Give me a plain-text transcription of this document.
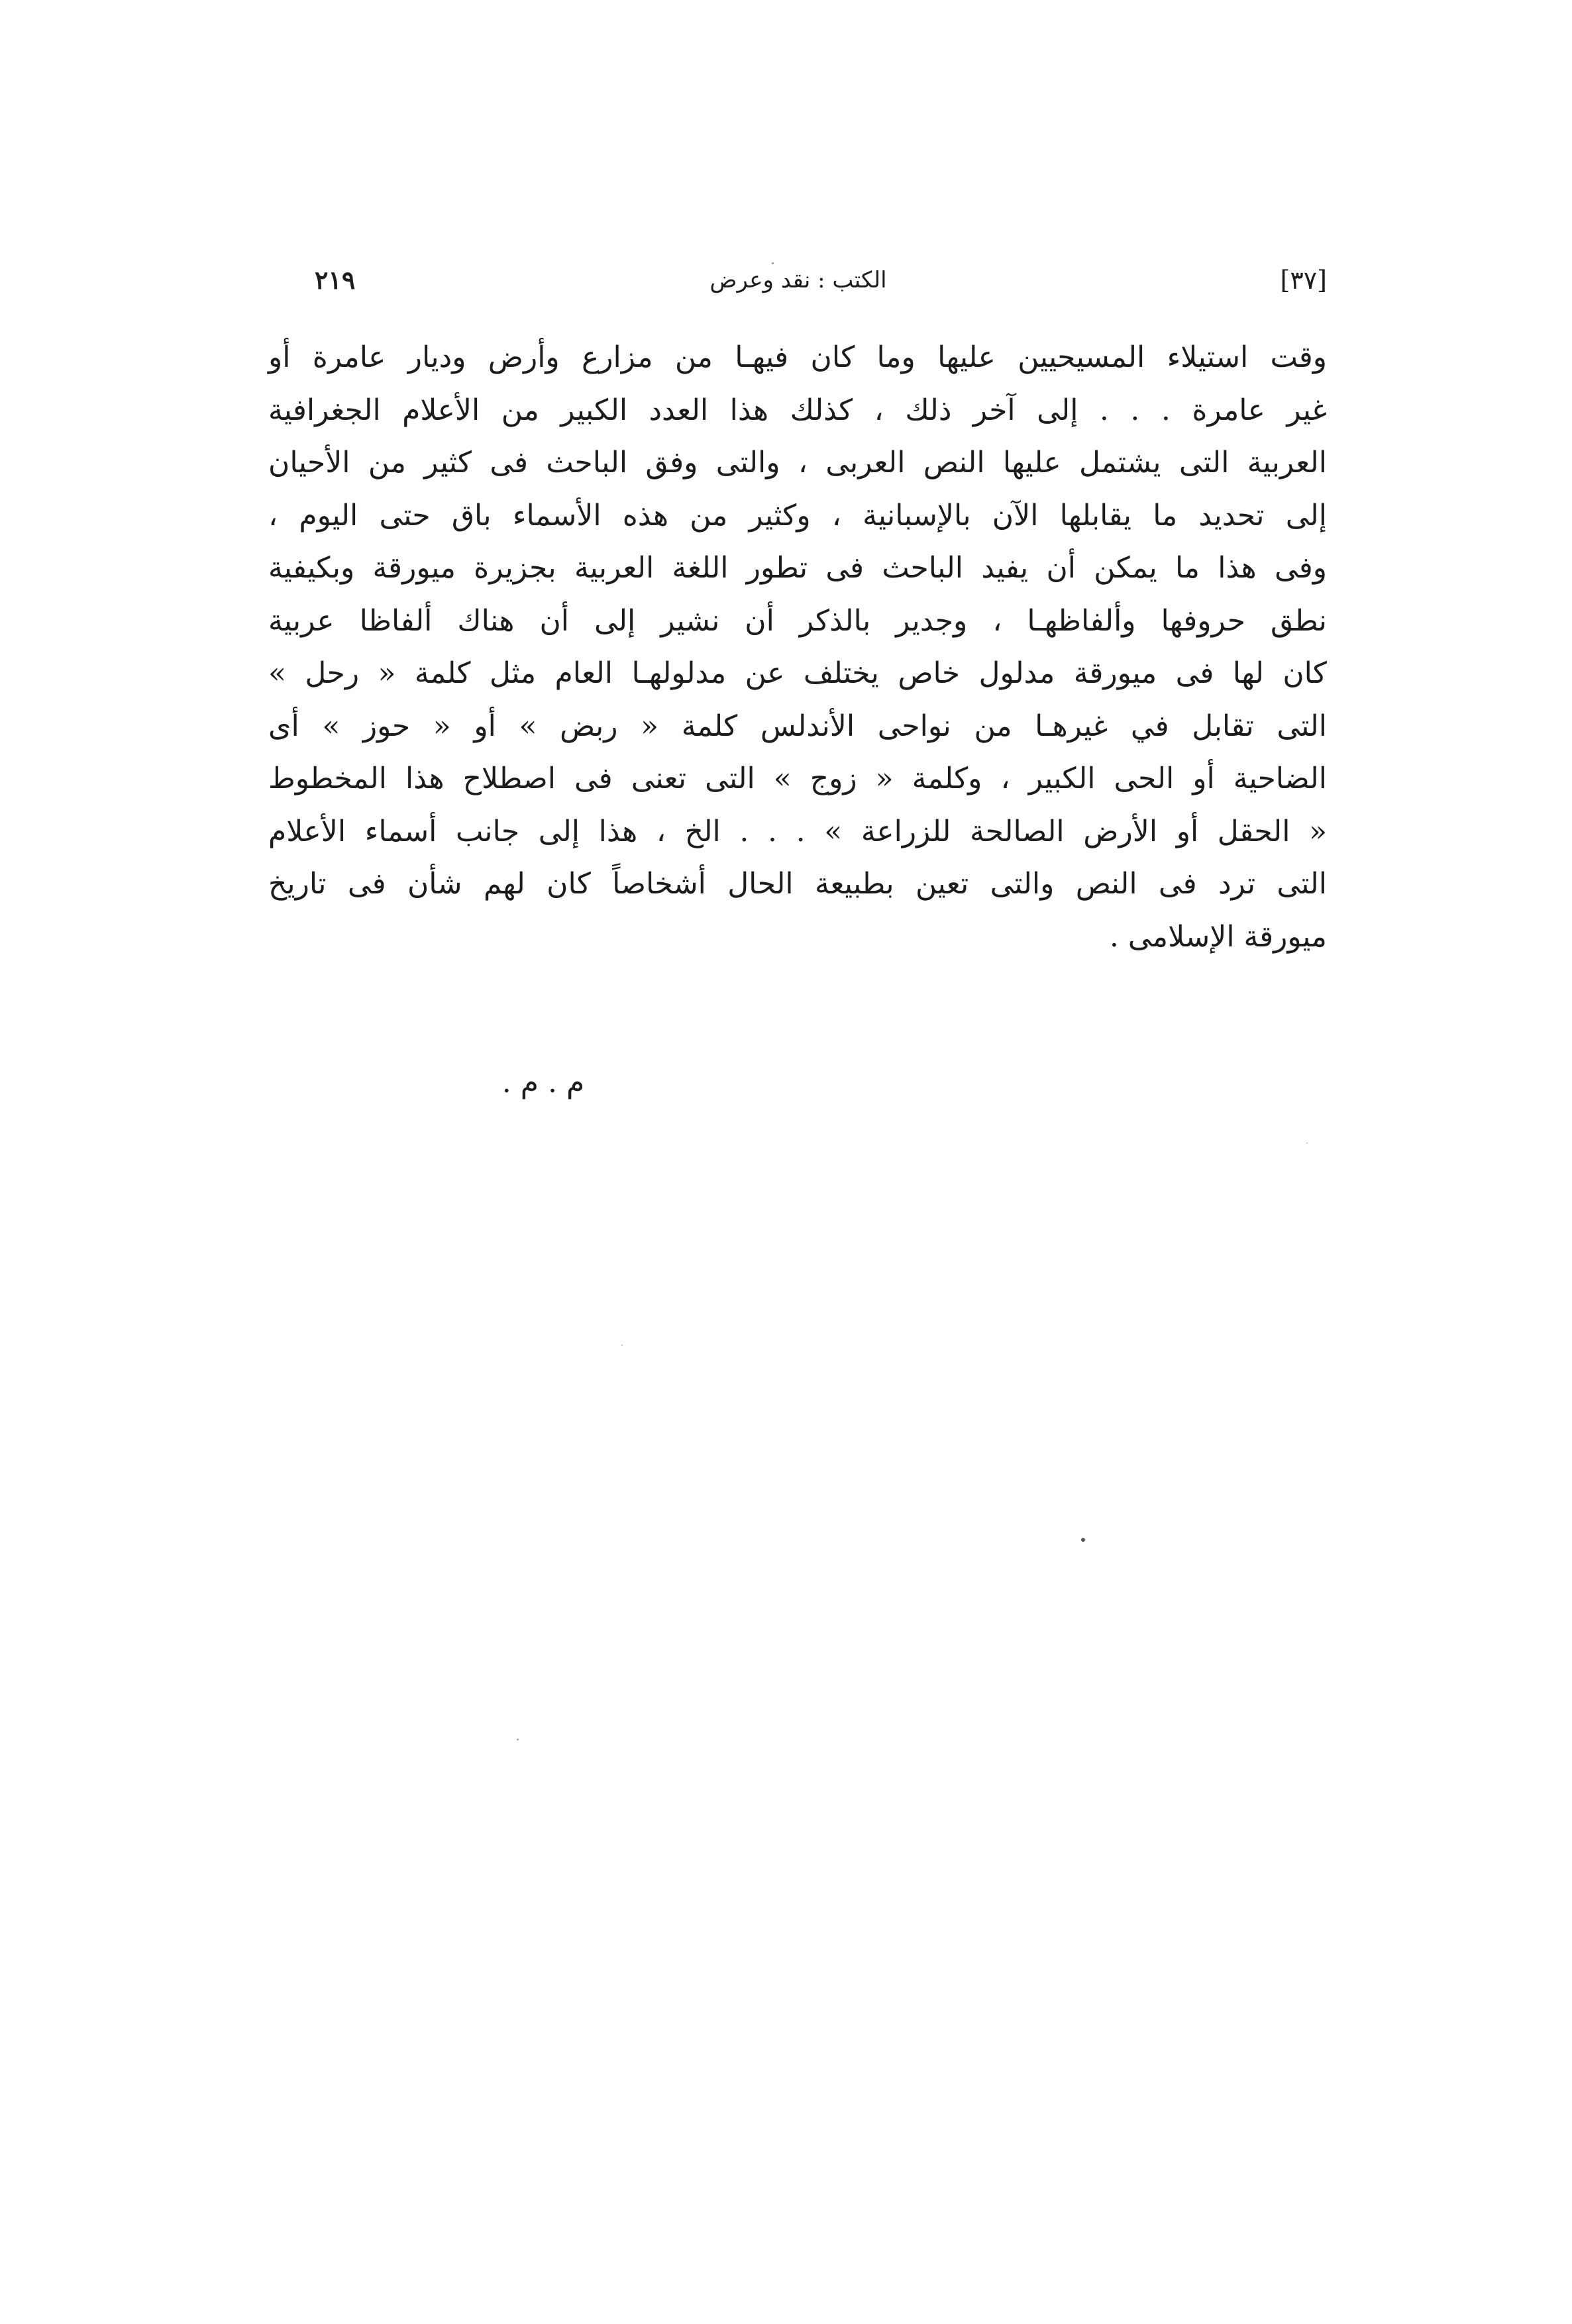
٢١٩	الكتب : نقد وعرض	[٣٧]
وقت استيلاء المسيحيين عليها وما كان فيهـا من مزارع وأرض وديار عامرة أو
غير عامرة . . . إلى آخر ذلك ، كذلك هذا العدد الكبير من الأعلام الجغرافية
العربية التى يشتمل عليها النص العربى ، والتى وفق الباحث فى كثير من الأحيان
إلى تحديد ما يقابلها الآن بالإسبانية ، وكثير من هذه الأسماء باق حتى اليوم ،
وفى هذا ما يمكن أن يفيد الباحث فى تطور اللغة العربية بجزيرة ميورقة وبكيفية
نطق حروفها وألفاظهـا ، وجدير بالذكر أن نشير إلى أن هناك ألفاظا عربية
كان لها فى ميورقة مدلول خاص يختلف عن مدلولهـا العام مثل كلمة « رحل »
التى تقابل في غيرهـا من نواحى الأندلس كلمة « ربض » أو « حوز » أى
الضاحية أو الحى الكبير ، وكلمة « زوج » التى تعنى فى اصطلاح هذا المخطوط
« الحقل أو الأرض الصالحة للزراعة » . . . الخ ، هذا إلى جانب أسماء الأعلام
التى ترد فى النص والتى تعين بطبيعة الحال أشخاصاً كان لهم شأن فى تاريخ
ميورقة الإسلامى .
م . م .
